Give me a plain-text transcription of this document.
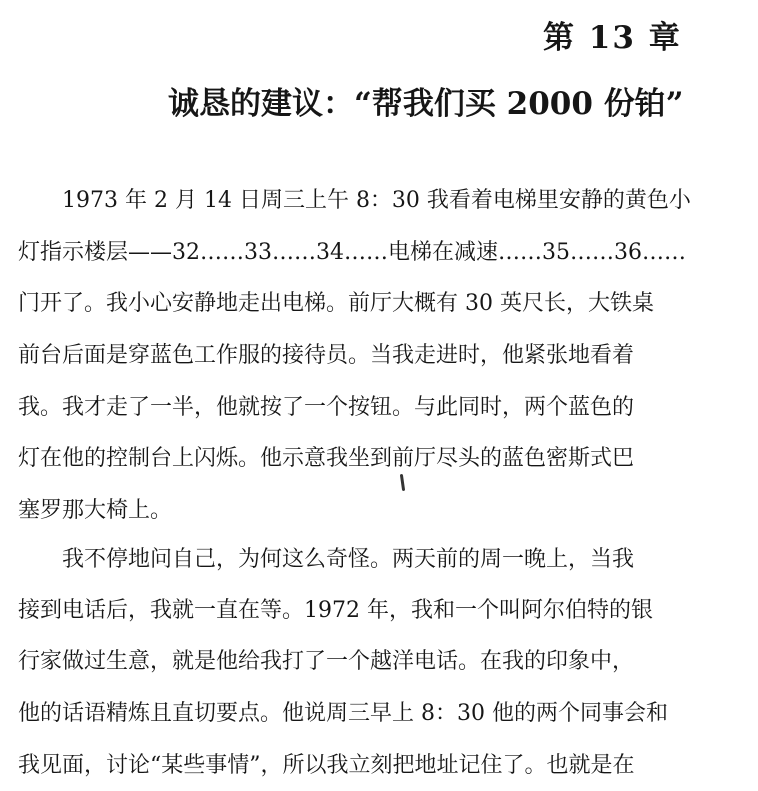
第 13 章
诚恳的建议：“帮我们买 2000 份铂”
1973 年 2 月 14 日周三上午 8：30 我看着电梯里安静的黄色小
灯指示楼层——32……33……34……电梯在减速……35……36……
门开了。我小心安静地走出电梯。前厅大概有 30 英尺长，大铁桌
前台后面是穿蓝色工作服的接待员。当我走进时，他紧张地看着
我。我才走了一半，他就按了一个按钮。与此同时，两个蓝色的
灯在他的控制台上闪烁。他示意我坐到前厅尽头的蓝色密斯式巴
塞罗那大椅上。
我不停地问自己，为何这么奇怪。两天前的周一晚上，当我
接到电话后，我就一直在等。1972 年，我和一个叫阿尔伯特的银
行家做过生意，就是他给我打了一个越洋电话。在我的印象中，
他的话语精炼且直切要点。他说周三早上 8：30 他的两个同事会和
我见面，讨论“某些事情”，所以我立刻把地址记住了。也就是在
